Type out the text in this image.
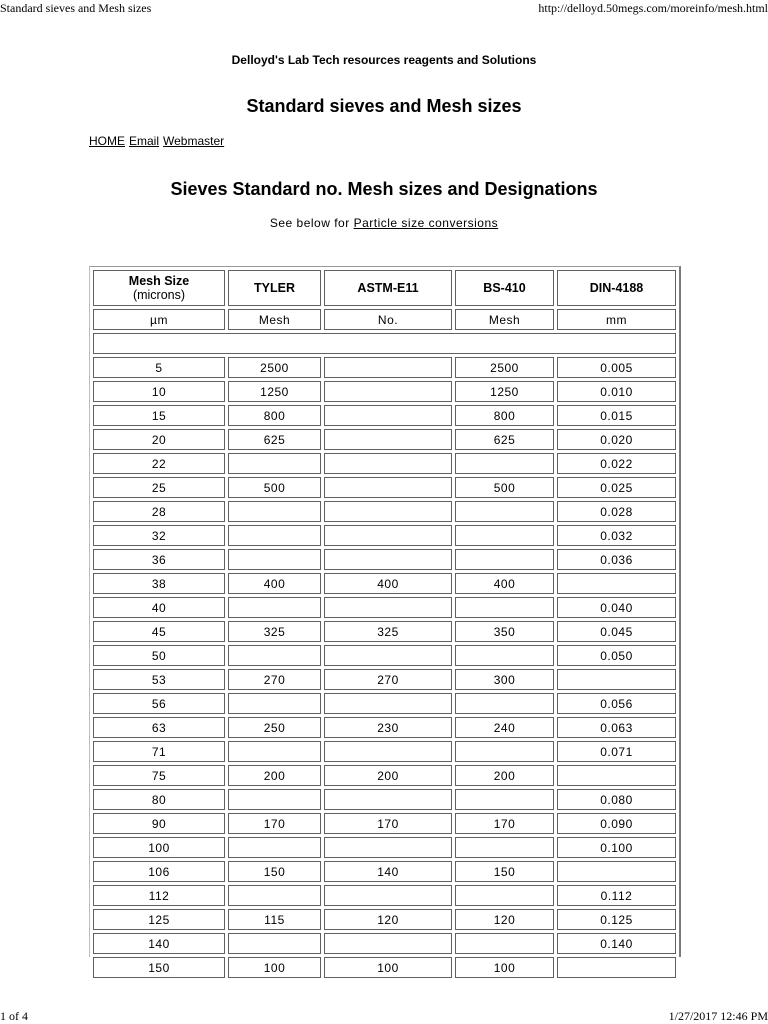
Standard sieves and Mesh sizes	http://delloyd.50megs.com/moreinfo/mesh.html
Delloyd's Lab Tech resources reagents and Solutions
Standard sieves and Mesh sizes
HOME Email Webmaster
Sieves Standard no. Mesh sizes and Designations
See below for Particle size conversions
Mesh Size
(microns)	TYLER	ASTM-E11	BS-410	DIN-4188
µm	Mesh	No.	Mesh	mm

5	2500		2500	0.005
10	1250		1250	0.010
15	800		800	0.015
20	625		625	0.020
22				0.022
25	500		500	0.025
28				0.028
32				0.032
36				0.036
38	400	400	400	
40				0.040
45	325	325	350	0.045
50				0.050
53	270	270	300	
56				0.056
63	250	230	240	0.063
71				0.071
75	200	200	200	
80				0.080
90	170	170	170	0.090
100				0.100
106	150	140	150	
112				0.112
125	115	120	120	0.125
140				0.140
150	100	100	100	
1 of 4	1/27/2017 12:46 PM
